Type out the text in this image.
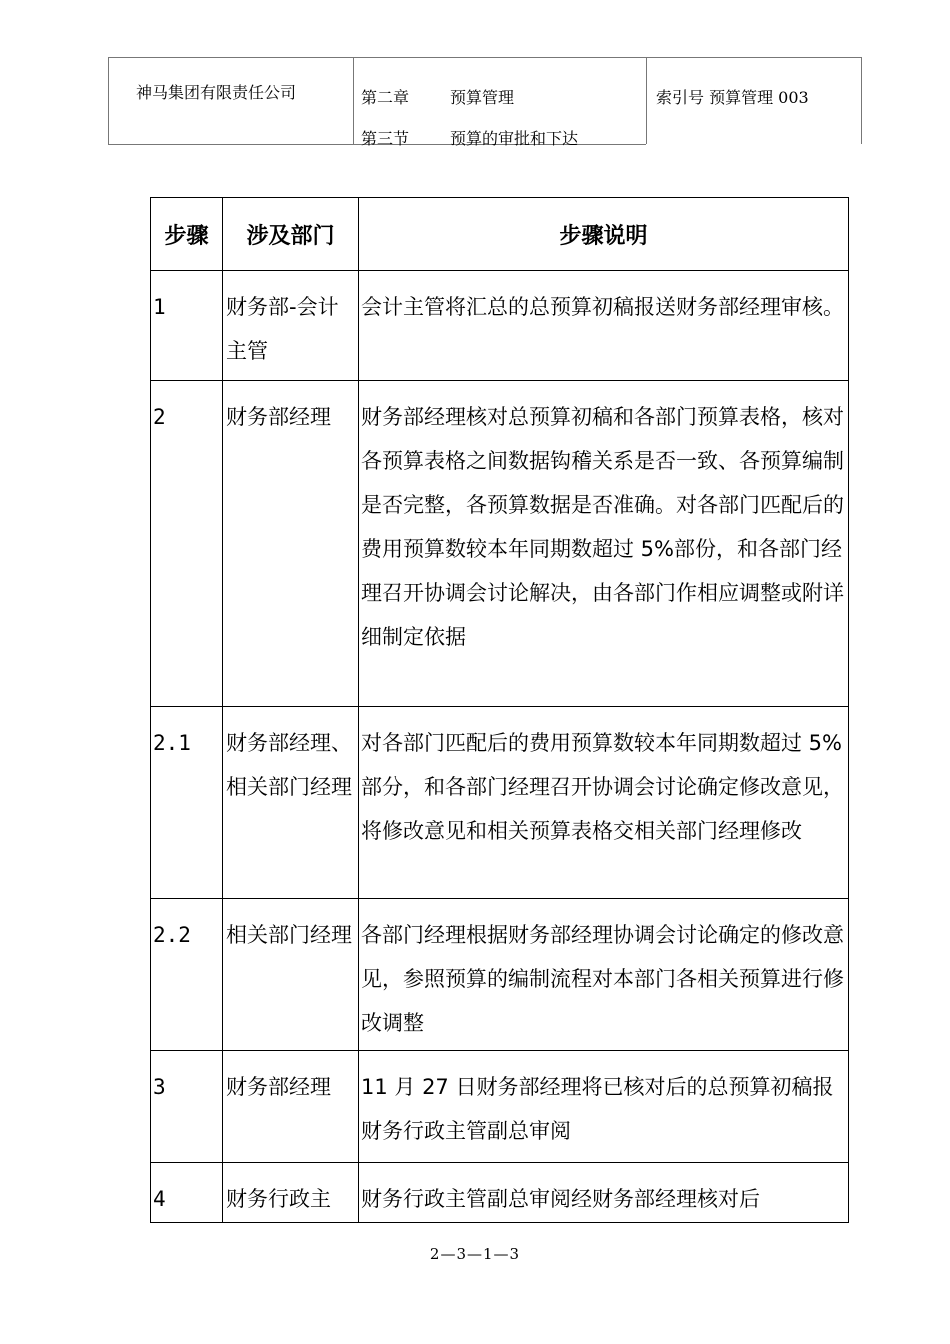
神马集团有限责任公司	第二章	预算管理
第三节	预算的审批和下达
索引号 预算管理 003
步骤	涉及部门	步骤说明
1	财务部-会计主管	会计主管将汇总的总预算初稿报送财务部经理审核。
2	财务部经理	财务部经理核对总预算初稿和各部门预算表格，核对各预算表格之间数据钩稽关系是否一致、各预算编制是否完整，各预算数据是否准确。对各部门匹配后的费用预算数较本年同期数超过 5%部份，和各部门经理召开协调会讨论解决，由各部门作相应调整或附详细制定依据
2.1	财务部经理、相关部门经理	对各部门匹配后的费用预算数较本年同期数超过 5%部分，和各部门经理召开协调会讨论确定修改意见，将修改意见和相关预算表格交相关部门经理修改
2.2	相关部门经理	各部门经理根据财务部经理协调会讨论确定的修改意见，参照预算的编制流程对本部门各相关预算进行修改调整
3	财务部经理	11 月 27 日财务部经理将已核对后的总预算初稿报财务行政主管副总审阅
4	财务行政主	财务行政主管副总审阅经财务部经理核对后
2—3—1—3
